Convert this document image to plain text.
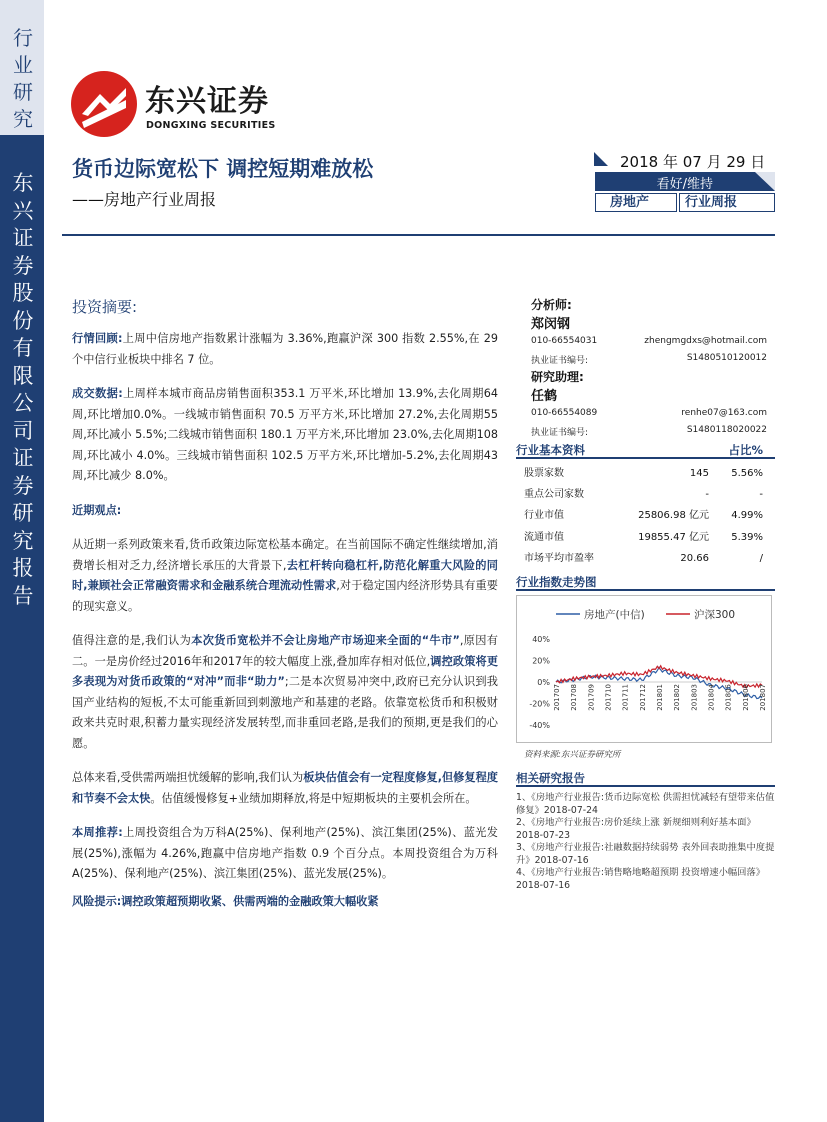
行业研究
东兴证券股份有限公司证券研究报告
东兴证券
DONGXING SECURITIES
货币边际宽松下 调控短期难放松
——房地产行业周报
2018 年 07 月 29 日
看好/维持
房地产	行业周报
投资摘要:

行情回顾:上周中信房地产指数累计涨幅为 3.36%,跑赢沪深 300 指数 2.55%,在 29 个中信行业板块中排名 7 位。

成交数据:上周样本城市商品房销售面积353.1 万平米,环比增加 13.9%,去化周期64周,环比增加0.0%。一线城市销售面积 70.5 万平方米,环比增加 27.2%,去化周期55 周,环比减小 5.5%;二线城市销售面积 180.1 万平方米,环比增加 23.0%,去化周期108 周,环比减小 4.0%。三线城市销售面积 102.5 万平方米,环比增加-5.2%,去化周期43 周,环比减少 8.0%。

近期观点:

从近期一系列政策来看,货币政策边际宽松基本确定。在当前国际不确定性继续增加,消费增长相对乏力,经济增长承压的大背景下,去杠杆转向稳杠杆,防范化解重大风险的同时,兼顾社会正常融资需求和金融系统合理流动性需求,对于稳定国内经济形势具有重要的现实意义。

值得注意的是,我们认为本次货币宽松并不会让房地产市场迎来全面的“牛市”,原因有二。一是房价经过2016年和2017年的较大幅度上涨,叠加库存相对低位,调控政策将更多表现为对货币政策的“对冲”而非“助力”;二是本次贸易冲突中,政府已充分认识到我国产业结构的短板,不太可能重新回到刺激地产和基建的老路。依靠宽松货币和积极财政来共克时艰,积蓄力量实现经济发展转型,而非重回老路,是我们的预期,更是我们的心愿。

总体来看,受供需两端担忧缓解的影响,我们认为板块估值会有一定程度修复,但修复程度和节奏不会太快。估值缓慢修复+业绩加期释放,将是中短期板块的主要机会所在。

本周推荐:上周投资组合为万科A(25%)、保利地产(25%)、滨江集团(25%)、蓝光发展(25%),涨幅为 4.26%,跑赢中信房地产指数 0.9 个百分点。本周投资组合为万科A(25%)、保利地产(25%)、滨江集团(25%)、蓝光发展(25%)。

风险提示:调控政策超预期收紧、供需两端的金融政策大幅收紧
分析师:
郑闵钢
010-66554031	zhengmgdxs@hotmail.com
执业证书编号:	S1480510120012
研究助理:
任鹤
010-66554089	renhe07@163.com
执业证书编号:	S1480118020022
行业基本资料	占比%
股票家数	145 5.56%
重点公司家数	-	-
行业市值	25806.98 亿元 4.99%
流通市值	19855.47 亿元 5.39%
市场平均市盈率	20.66	/
行业指数走势图
房地产(中信)	沪深300
40%
20%
0%
-20%
-40%
201707 201708 201709 201710 201711 201712 201801 201802 201803 201804 201805 201806 201807
资料来源:东兴证券研究所
相关研究报告
1、《房地产行业报告:货币边际宽松 供需担忧减轻有望带来估值修复》2018-07-24
2、《房地产行业报告:房价延续上涨 新规细则利好基本面》2018-07-23
3、《房地产行业报告:社融数据持续弱势 表外回表助推集中度提升》2018-07-16
4、《房地产行业报告:销售略地略超预期 投资增速小幅回落》2018-07-16
